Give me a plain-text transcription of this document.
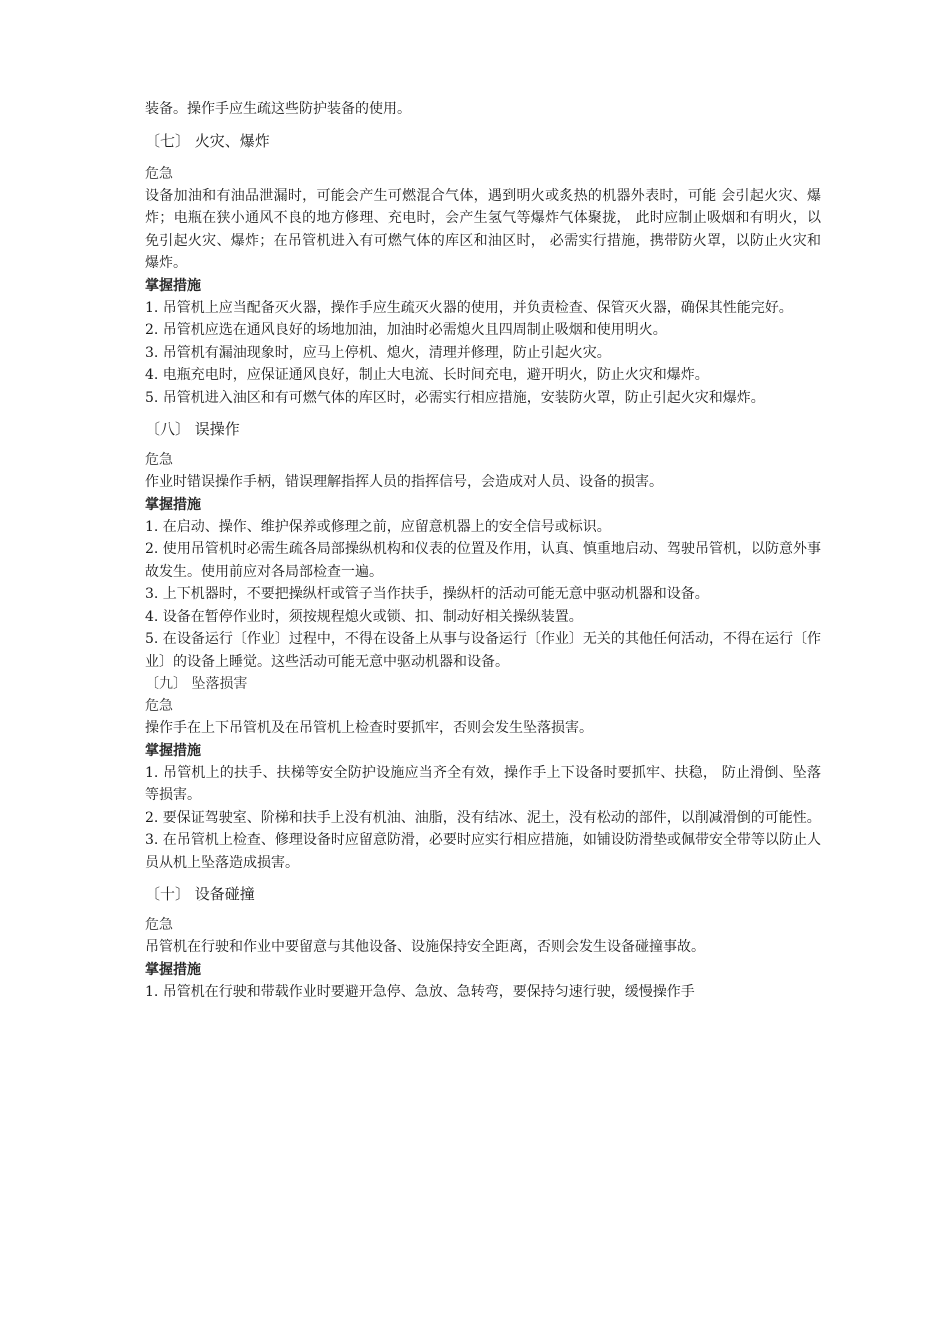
装备。操作手应生疏这些防护装备的使用。
〔七〕 火灾、爆炸
危急
设备加油和有油品泄漏时，可能会产生可燃混合气体，遇到明火或炙热的机器外表时，可能 会引起火灾、爆炸；电瓶在狭小通风不良的地方修理、充电时，会产生氢气等爆炸气体聚拢， 此时应制止吸烟和有明火，以免引起火灾、爆炸；在吊管机进入有可燃气体的库区和油区时， 必需实行措施，携带防火罩，以防止火灾和爆炸。
掌握措施
1. 吊管机上应当配备灭火器，操作手应生疏灭火器的使用，并负责检查、保管灭火器，确保其性能完好。
2. 吊管机应选在通风良好的场地加油，加油时必需熄火且四周制止吸烟和使用明火。
3. 吊管机有漏油现象时，应马上停机、熄火，清理并修理，防止引起火灾。
4. 电瓶充电时，应保证通风良好，制止大电流、长时间充电，避开明火，防止火灾和爆炸。
5. 吊管机进入油区和有可燃气体的库区时，必需实行相应措施，安装防火罩，防止引起火灾和爆炸。
〔八〕 误操作
危急
作业时错误操作手柄，错误理解指挥人员的指挥信号，会造成对人员、设备的损害。
掌握措施
1. 在启动、操作、维护保养或修理之前，应留意机器上的安全信号或标识。
2. 使用吊管机时必需生疏各局部操纵机构和仪表的位置及作用，认真、慎重地启动、驾驶吊管机，以防意外事故发生。使用前应对各局部检查一遍。
3. 上下机器时，不要把操纵杆或管子当作扶手，操纵杆的活动可能无意中驱动机器和设备。
4. 设备在暂停作业时，须按规程熄火或锁、扣、制动好相关操纵装置。
5. 在设备运行〔作业〕过程中，不得在设备上从事与设备运行〔作业〕无关的其他任何活动，不得在运行〔作业〕的设备上睡觉。这些活动可能无意中驱动机器和设备。
〔九〕 坠落损害
危急
操作手在上下吊管机及在吊管机上检查时要抓牢，否则会发生坠落损害。
掌握措施
1. 吊管机上的扶手、扶梯等安全防护设施应当齐全有效，操作手上下设备时要抓牢、扶稳， 防止滑倒、坠落等损害。
2. 要保证驾驶室、阶梯和扶手上没有机油、油脂，没有结冰、泥土，没有松动的部件，以削减滑倒的可能性。
3. 在吊管机上检查、修理设备时应留意防滑，必要时应实行相应措施，如铺设防滑垫或佩带安全带等以防止人员从机上坠落造成损害。
〔十〕 设备碰撞
危急
吊管机在行驶和作业中要留意与其他设备、设施保持安全距离，否则会发生设备碰撞事故。
掌握措施
1. 吊管机在行驶和带载作业时要避开急停、急放、急转弯，要保持匀速行驶，缓慢操作手
